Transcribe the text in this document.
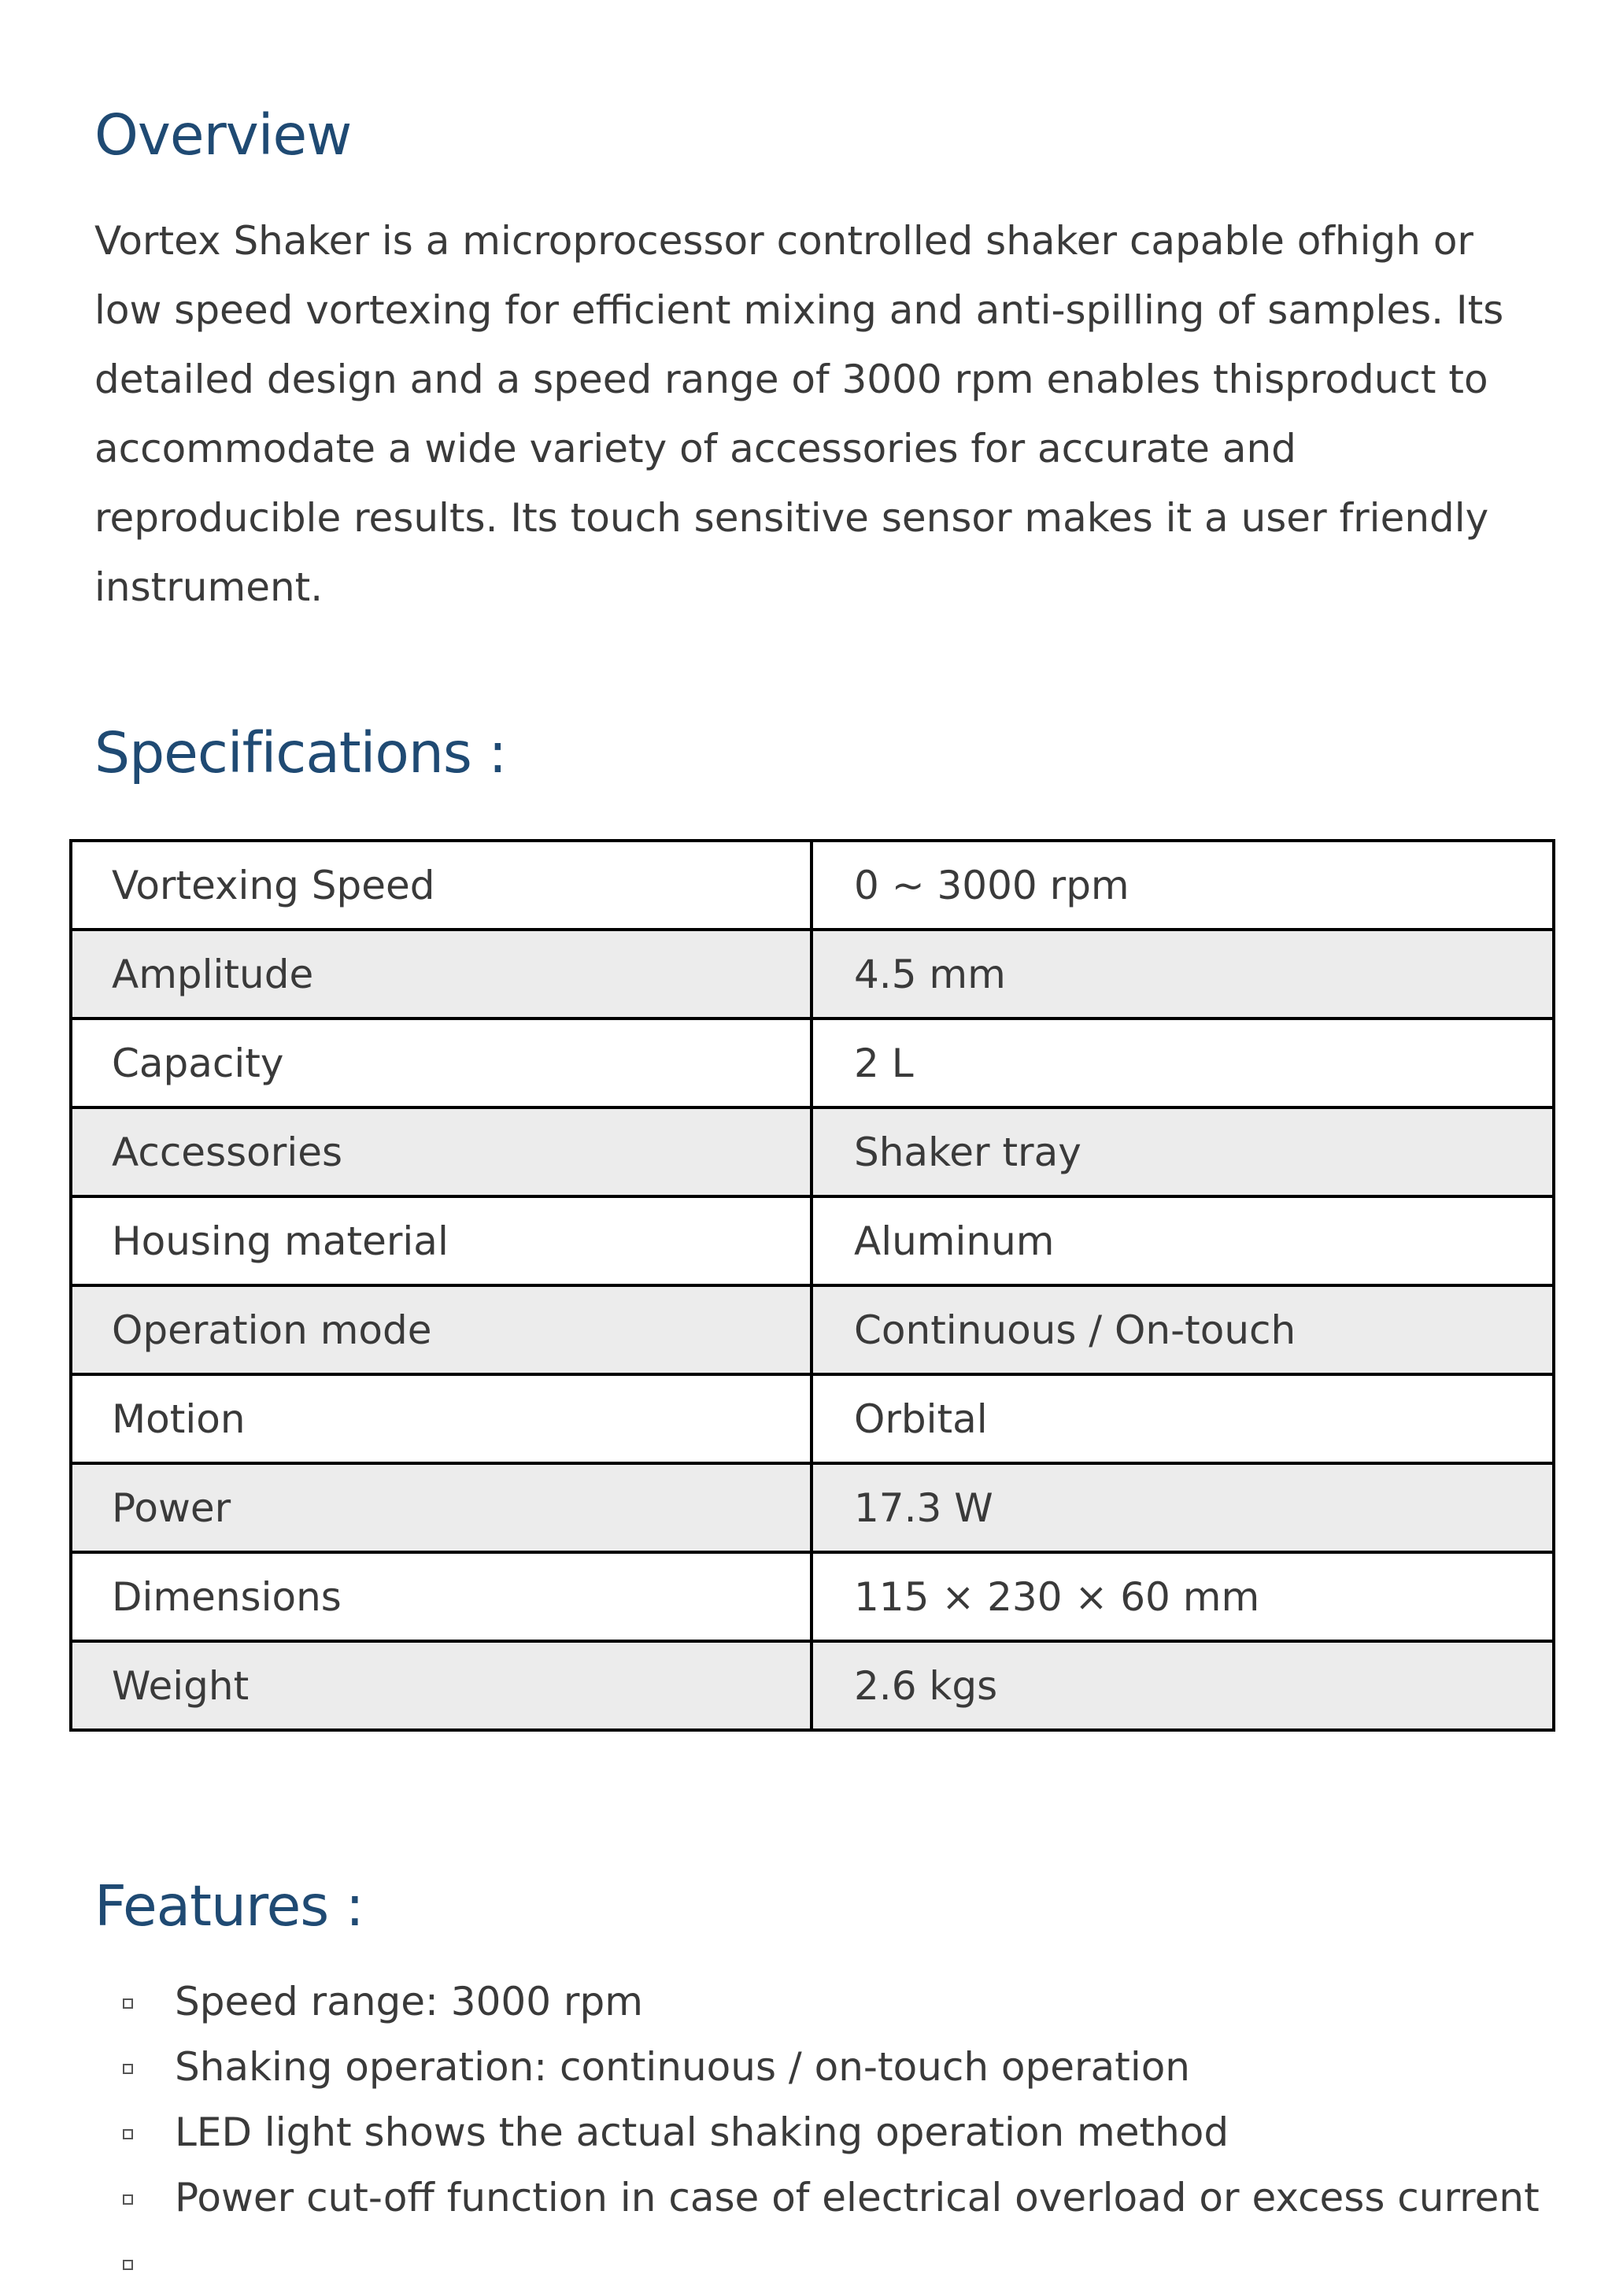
Overview

Vortex Shaker is a microprocessor controlled shaker capable ofhigh or low speed vortexing for efficient mixing and anti-spilling of samples. Its detailed design and a speed range of 3000 rpm enables thisproduct to accommodate a wide variety of accessories for accurate and reproducible results. Its touch sensitive sensor makes it a user friendly instrument.

Specifications :
Vortexing Speed	0 ~ 3000 rpm
Amplitude	4.5 mm
Capacity	2 L
Accessories	Shaker tray
Housing material	Aluminum
Operation mode	Continuous / On-touch
Motion	Orbital
Power	17.3 W
Dimensions	115 × 230 × 60 mm
Weight	2.6 kgs
Features :
Speed range: 3000 rpm
Shaking operation: continuous / on-touch operation
LED light shows the actual shaking operation method
Power cut-off function in case of electrical overload or excess current
